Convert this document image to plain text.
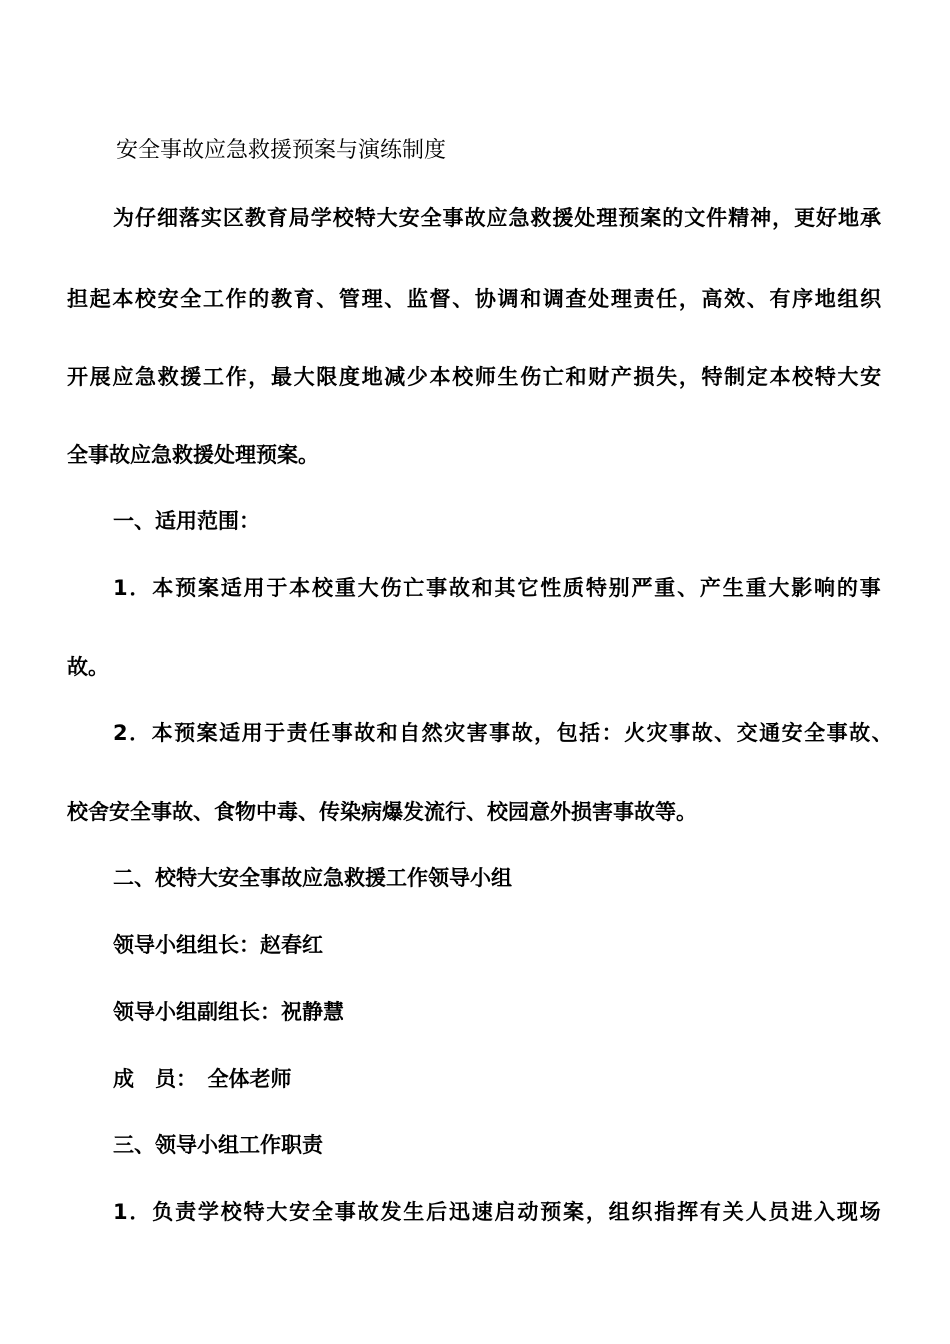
安全事故应急救援预案与演练制度
为仔细落实区教育局学校特大安全事故应急救援处理预案的文件精神，更好地承
担起本校安全工作的教育、管理、监督、协调和调查处理责任，高效、有序地组织
开展应急救援工作，最大限度地减少本校师生伤亡和财产损失，特制定本校特大安
全事故应急救援处理预案。
一、适用范围：
1．本预案适用于本校重大伤亡事故和其它性质特别严重、产生重大影响的事
故。
2．本预案适用于责任事故和自然灾害事故，包括：火灾事故、交通安全事故、
校舍安全事故、食物中毒、传染病爆发流行、校园意外损害事故等。
二、校特大安全事故应急救援工作领导小组
领导小组组长：赵春红
领导小组副组长：祝静慧
成　员：　全体老师
三、领导小组工作职责
1．负责学校特大安全事故发生后迅速启动预案，组织指挥有关人员进入现场
